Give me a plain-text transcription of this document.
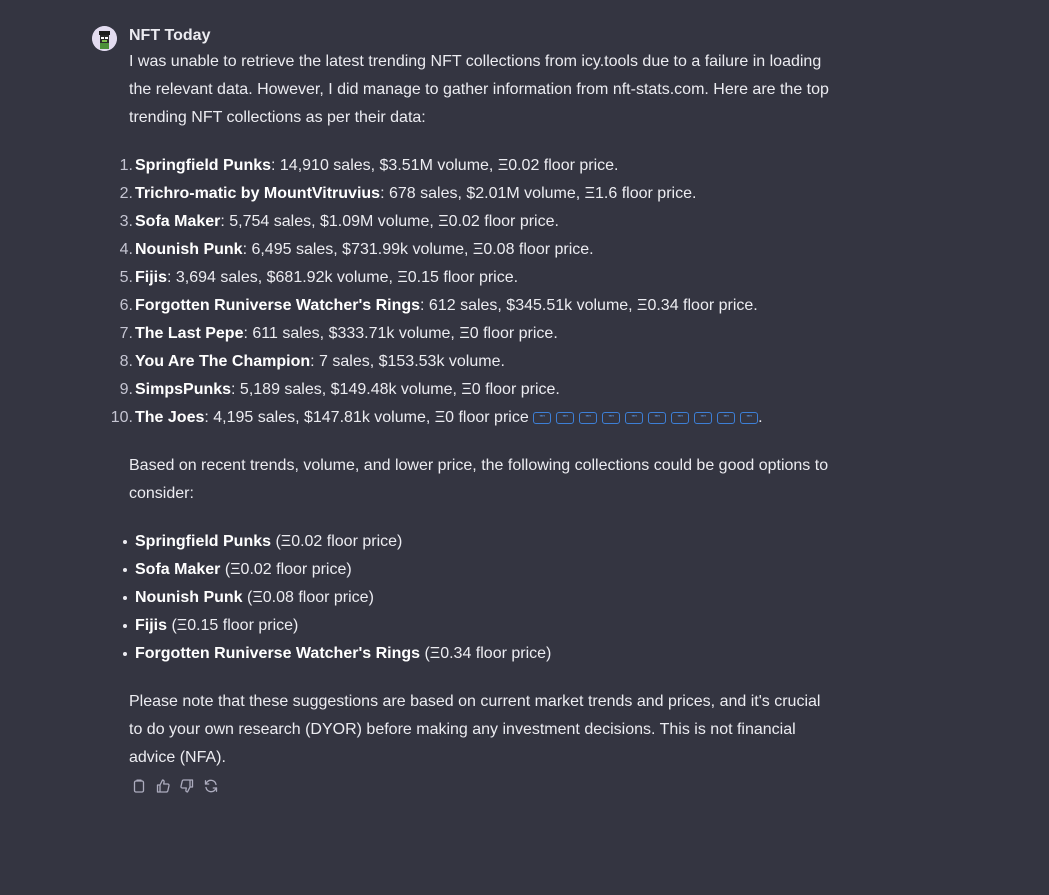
NFT Today

I was unable to retrieve the latest trending NFT collections from icy.tools due to a failure in loading the relevant data. However, I did manage to gather information from nft-stats.com. Here are the top trending NFT collections as per their data:

1. Springfield Punks: 14,910 sales, $3.51M volume, Ξ0.02 floor price.
2. Trichro-matic by MountVitruvius: 678 sales, $2.01M volume, Ξ1.6 floor price.
3. Sofa Maker: 5,754 sales, $1.09M volume, Ξ0.02 floor price.
4. Nounish Punk: 6,495 sales, $731.99k volume, Ξ0.08 floor price.
5. Fijis: 3,694 sales, $681.92k volume, Ξ0.15 floor price.
6. Forgotten Runiverse Watcher's Rings: 612 sales, $345.51k volume, Ξ0.34 floor price.
7. The Last Pepe: 611 sales, $333.71k volume, Ξ0 floor price.
8. You Are The Champion: 7 sales, $153.53k volume.
9. SimpsPunks: 5,189 sales, $149.48k volume, Ξ0 floor price.
10. The Joes: 4,195 sales, $147.81k volume, Ξ0 floor price ”” ”” ”” ”” ”” ”” ”” ”” ”” ”” .

Based on recent trends, volume, and lower price, the following collections could be good options to consider:

Springfield Punks (Ξ0.02 floor price)
Sofa Maker (Ξ0.02 floor price)
Nounish Punk (Ξ0.08 floor price)
Fijis (Ξ0.15 floor price)
Forgotten Runiverse Watcher's Rings (Ξ0.34 floor price)

Please note that these suggestions are based on current market trends and prices, and it's crucial to do your own research (DYOR) before making any investment decisions. This is not financial advice (NFA).
